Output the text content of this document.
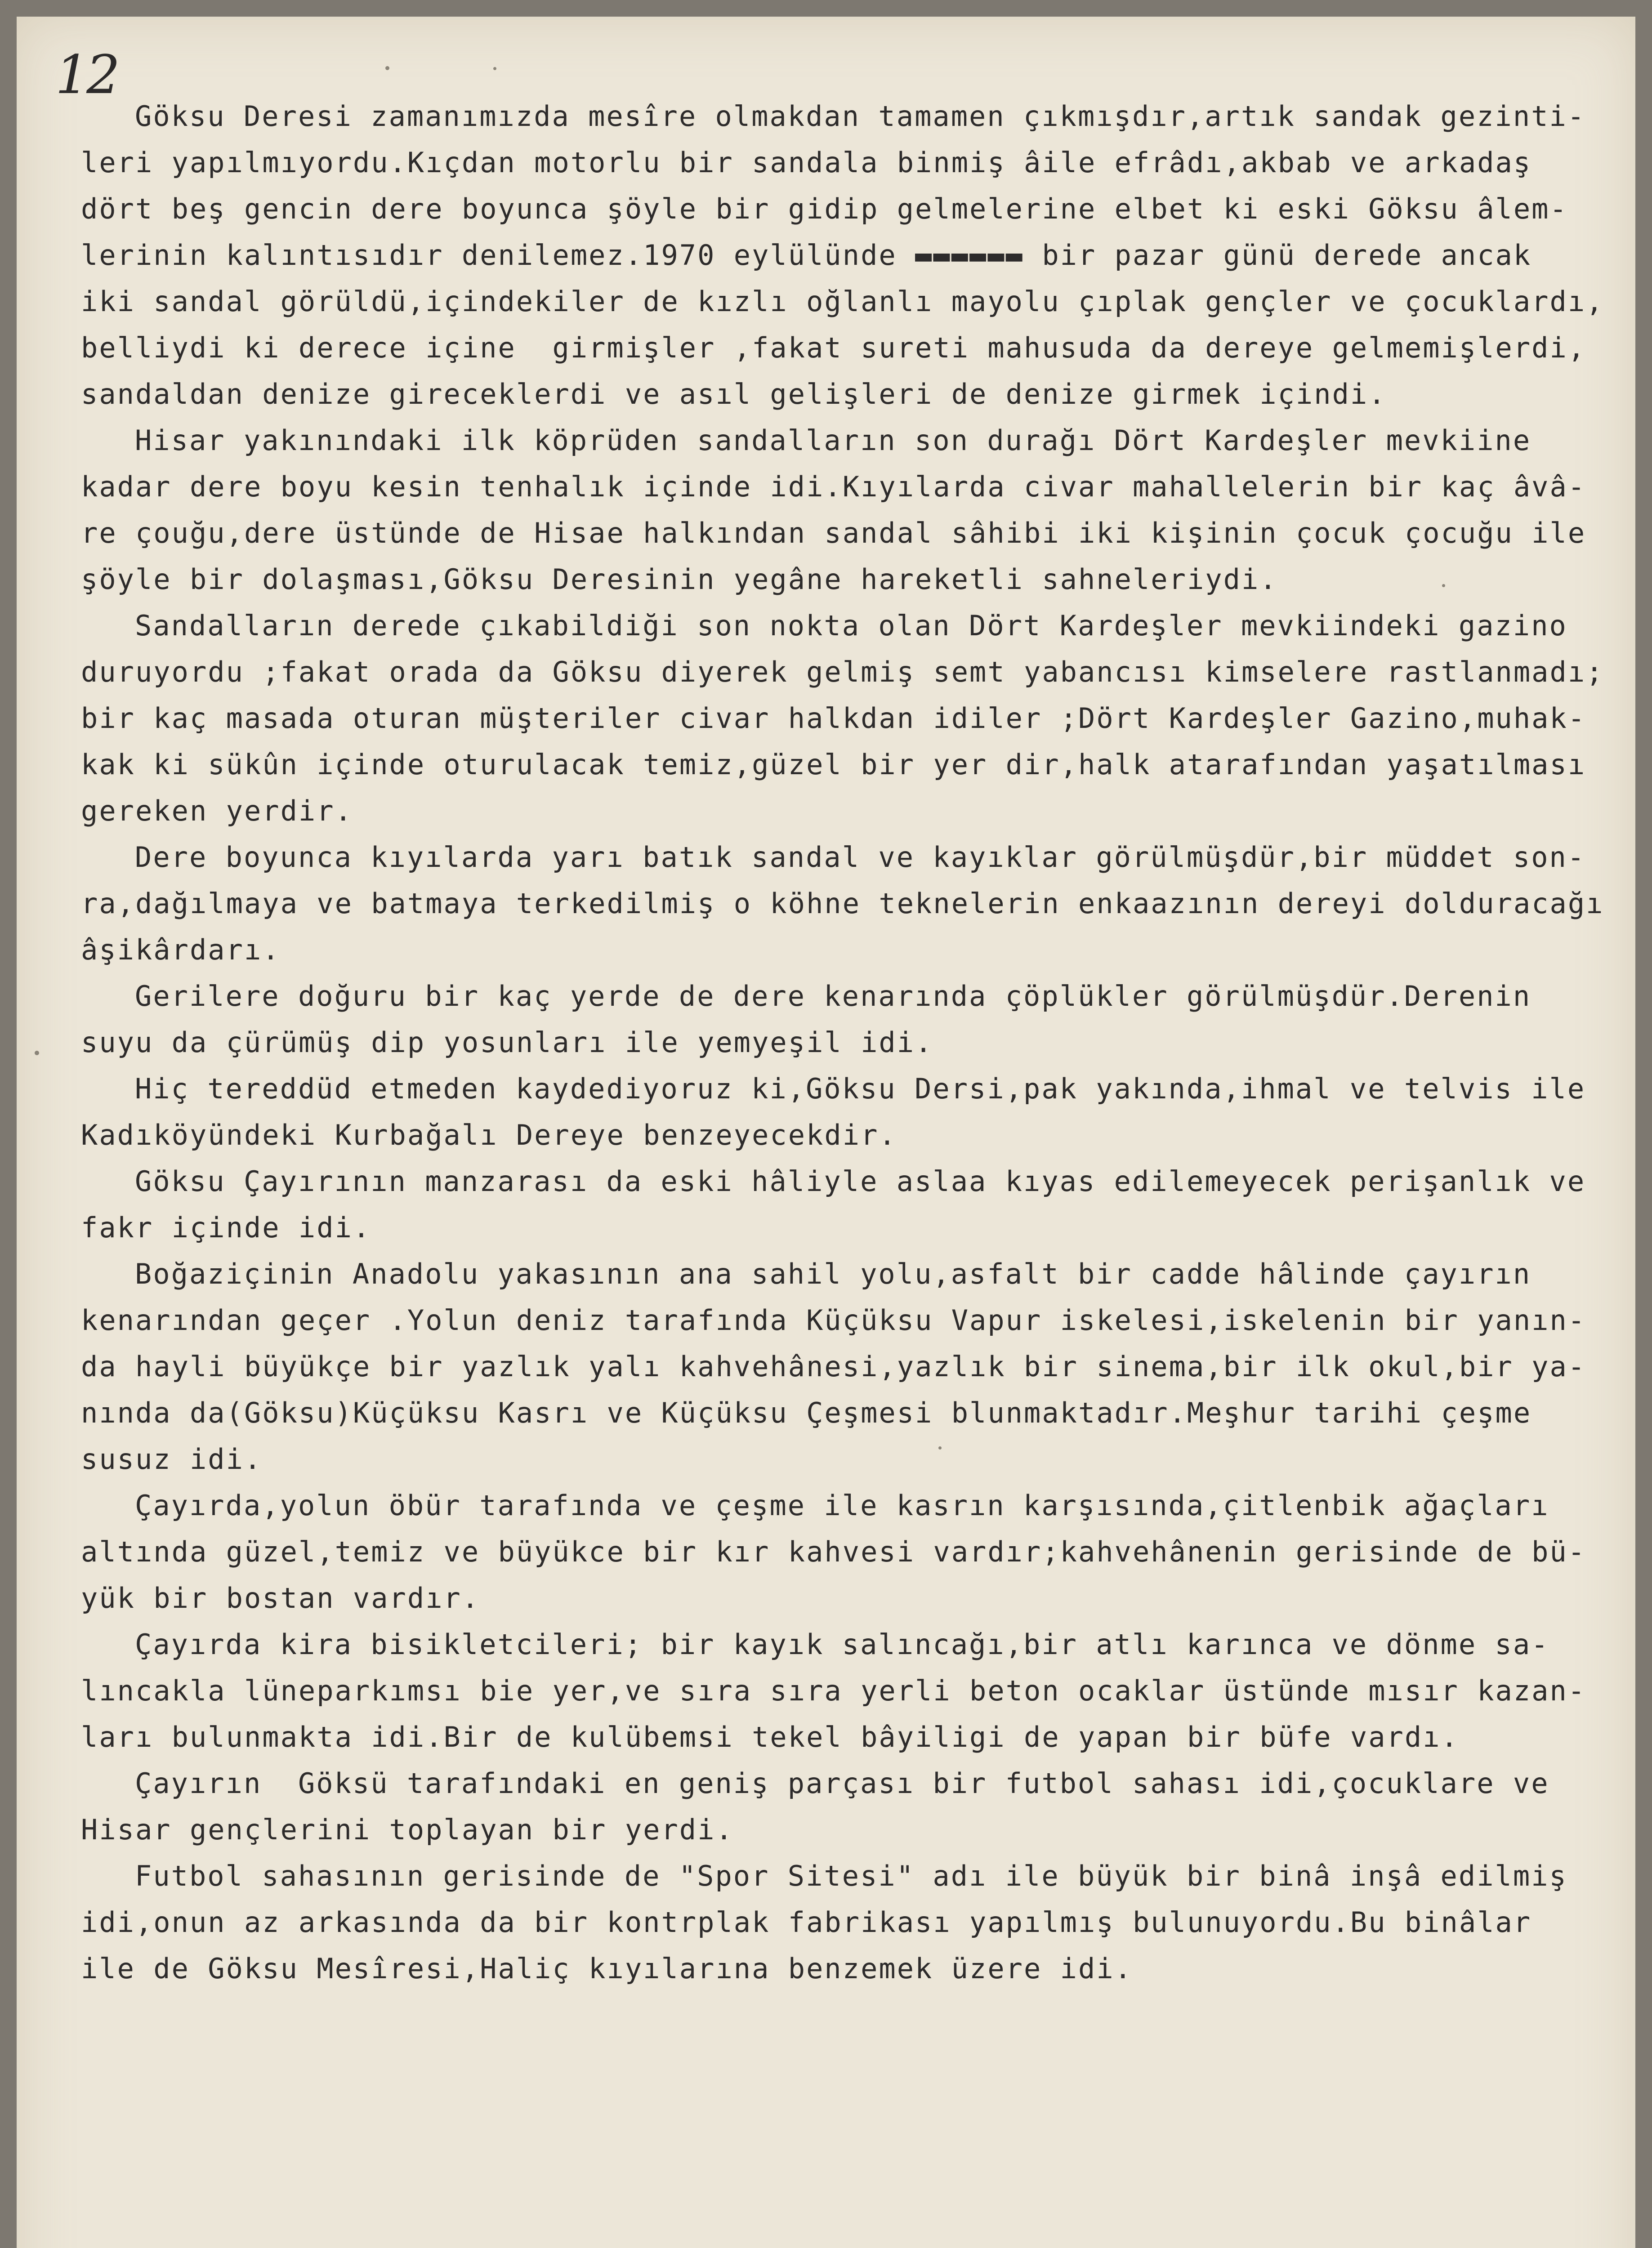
12
Göksu Deresi zamanımızda mesîre olmakdan tamamen çıkmışdır,artık sandak gezinti-
leri yapılmıyordu.Kıçdan motorlu bir sandala binmiş âile efrâdı,akbab ve arkadaş
dört beş gencin dere boyunca şöyle bir gidip gelmelerine elbet ki eski Göksu âlem-
lerinin kalıntısıdır denilemez.1970 eylülünde ▬▬▬▬▬▬ bir pazar günü derede ancak
iki sandal görüldü,içindekiler de kızlı oğlanlı mayolu çıplak gençler ve çocuklardı,
belliydi ki derece içine  girmişler ,fakat sureti mahusuda da dereye gelmemişlerdi,
sandaldan denize gireceklerdi ve asıl gelişleri de denize girmek içindi.
Hisar yakınındaki ilk köprüden sandalların son durağı Dört Kardeşler mevkiine
kadar dere boyu kesin tenhalık içinde idi.Kıyılarda civar mahallelerin bir kaç âvâ-
re çouğu,dere üstünde de Hisae halkından sandal sâhibi iki kişinin çocuk çocuğu ile
şöyle bir dolaşması,Göksu Deresinin yegâne hareketli sahneleriydi.
Sandalların derede çıkabildiği son nokta olan Dört Kardeşler mevkiindeki gazino
duruyordu ;fakat orada da Göksu diyerek gelmiş semt yabancısı kimselere rastlanmadı;
bir kaç masada oturan müşteriler civar halkdan idiler ;Dört Kardeşler Gazino,muhak-
kak ki sükûn içinde oturulacak temiz,güzel bir yer dir,halk atarafından yaşatılması
gereken yerdir.
Dere boyunca kıyılarda yarı batık sandal ve kayıklar görülmüşdür,bir müddet son-
ra,dağılmaya ve batmaya terkedilmiş o köhne teknelerin enkaazının dereyi dolduracağı
âşikârdarı.
Gerilere doğuru bir kaç yerde de dere kenarında çöplükler görülmüşdür.Derenin
suyu da çürümüş dip yosunları ile yemyeşil idi.
Hiç tereddüd etmeden kaydediyoruz ki,Göksu Dersi,pak yakında,ihmal ve telvis ile
Kadıköyündeki Kurbağalı Dereye benzeyecekdir.
Göksu Çayırının manzarası da eski hâliyle aslaa kıyas edilemeyecek perişanlık ve
fakr içinde idi.
Boğaziçinin Anadolu yakasının ana sahil yolu,asfalt bir cadde hâlinde çayırın
kenarından geçer .Yolun deniz tarafında Küçüksu Vapur iskelesi,iskelenin bir yanın-
da hayli büyükçe bir yazlık yalı kahvehânesi,yazlık bir sinema,bir ilk okul,bir ya-
nında da(Göksu)Küçüksu Kasrı ve Küçüksu Çeşmesi blunmaktadır.Meşhur tarihi çeşme
susuz idi.
Çayırda,yolun öbür tarafında ve çeşme ile kasrın karşısında,çitlenbik ağaçları
altında güzel,temiz ve büyükce bir kır kahvesi vardır;kahvehânenin gerisinde de bü-
yük bir bostan vardır.
Çayırda kira bisikletcileri; bir kayık salıncağı,bir atlı karınca ve dönme sa-
lıncakla lüneparkımsı bie yer,ve sıra sıra yerli beton ocaklar üstünde mısır kazan-
ları bulunmakta idi.Bir de kulübemsi tekel bâyiligi de yapan bir büfe vardı.
Çayırın  Göksü tarafındaki en geniş parçası bir futbol sahası idi,çocuklare ve
Hisar gençlerini toplayan bir yerdi.
Futbol sahasının gerisinde de "Spor Sitesi" adı ile büyük bir binâ inşâ edilmiş
idi,onun az arkasında da bir kontrplak fabrikası yapılmış bulunuyordu.Bu binâlar
ile de Göksu Mesîresi,Haliç kıyılarına benzemek üzere idi.
